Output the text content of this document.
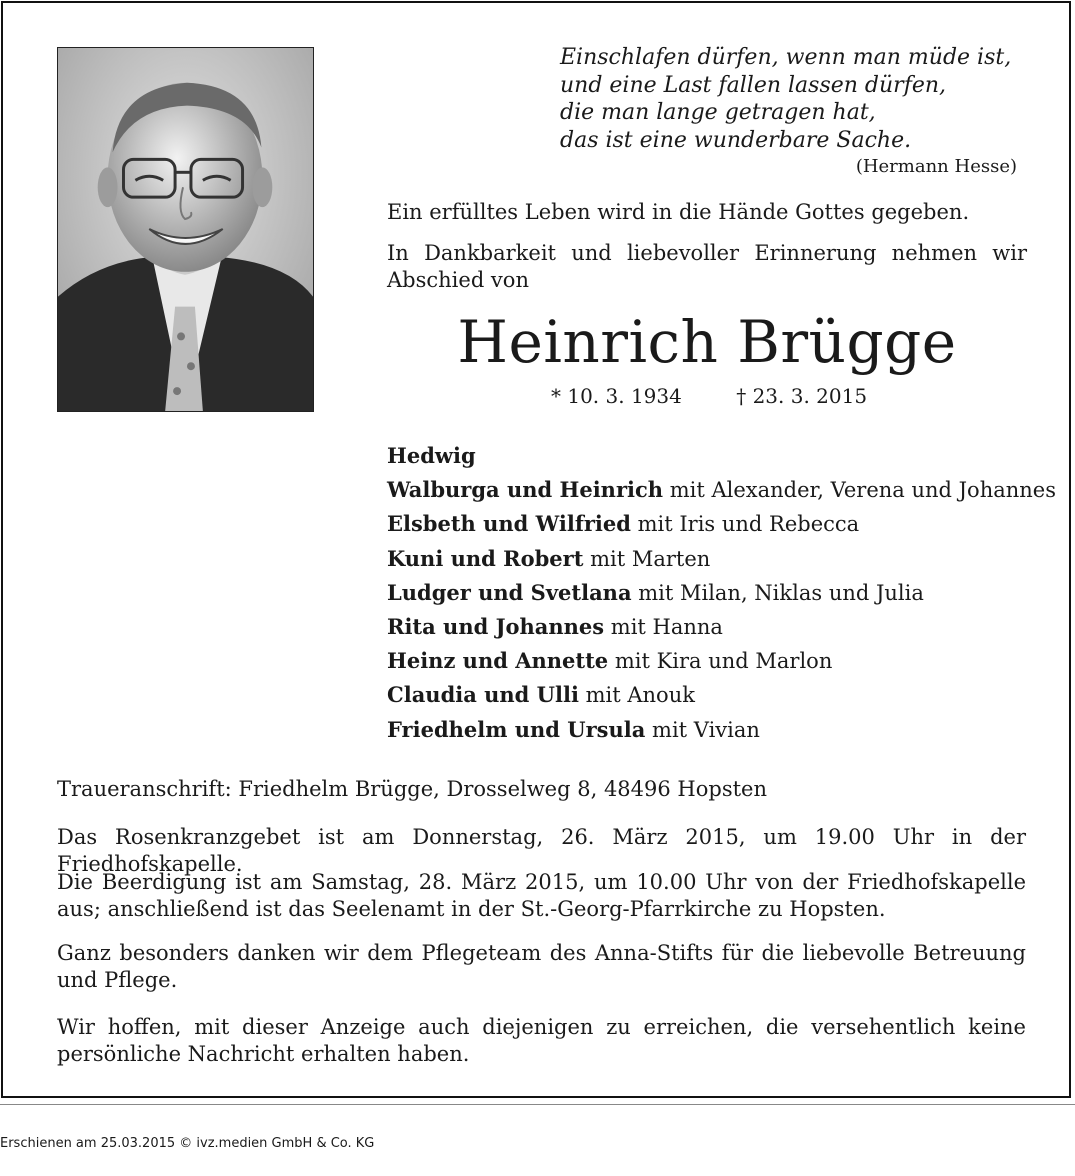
Einschlafen dürfen, wenn man müde ist,
und eine Last fallen lassen dürfen,
die man lange getragen hat,
das ist eine wunderbare Sache.
(Hermann Hesse)
Ein erfülltes Leben wird in die Hände Gottes gegeben.
In Dankbarkeit und liebevoller Erinnerung nehmen wir Abschied von
Heinrich Brügge
* 10. 3. 1934	† 23. 3. 2015
Hedwig
Walburga und Heinrich mit Alexander, Verena und Johannes
Elsbeth und Wilfried mit Iris und Rebecca
Kuni und Robert mit Marten
Ludger und Svetlana mit Milan, Niklas und Julia
Rita und Johannes mit Hanna
Heinz und Annette mit Kira und Marlon
Claudia und Ulli mit Anouk
Friedhelm und Ursula mit Vivian
Traueranschrift: Friedhelm Brügge, Drosselweg 8, 48496 Hopsten
Das Rosenkranzgebet ist am Donnerstag, 26. März 2015, um 19.00 Uhr in der Friedhofskapelle.
Die Beerdigung ist am Samstag, 28. März 2015, um 10.00 Uhr von der Friedhofskapelle aus; anschließend ist das Seelenamt in der St.-Georg-Pfarrkirche zu Hopsten.
Ganz besonders danken wir dem Pflegeteam des Anna-Stifts für die liebevolle Betreuung und Pflege.
Wir hoffen, mit dieser Anzeige auch diejenigen zu erreichen, die versehentlich keine persönliche Nachricht erhalten haben.
Erschienen am 25.03.2015 © ivz.medien GmbH & Co. KG
